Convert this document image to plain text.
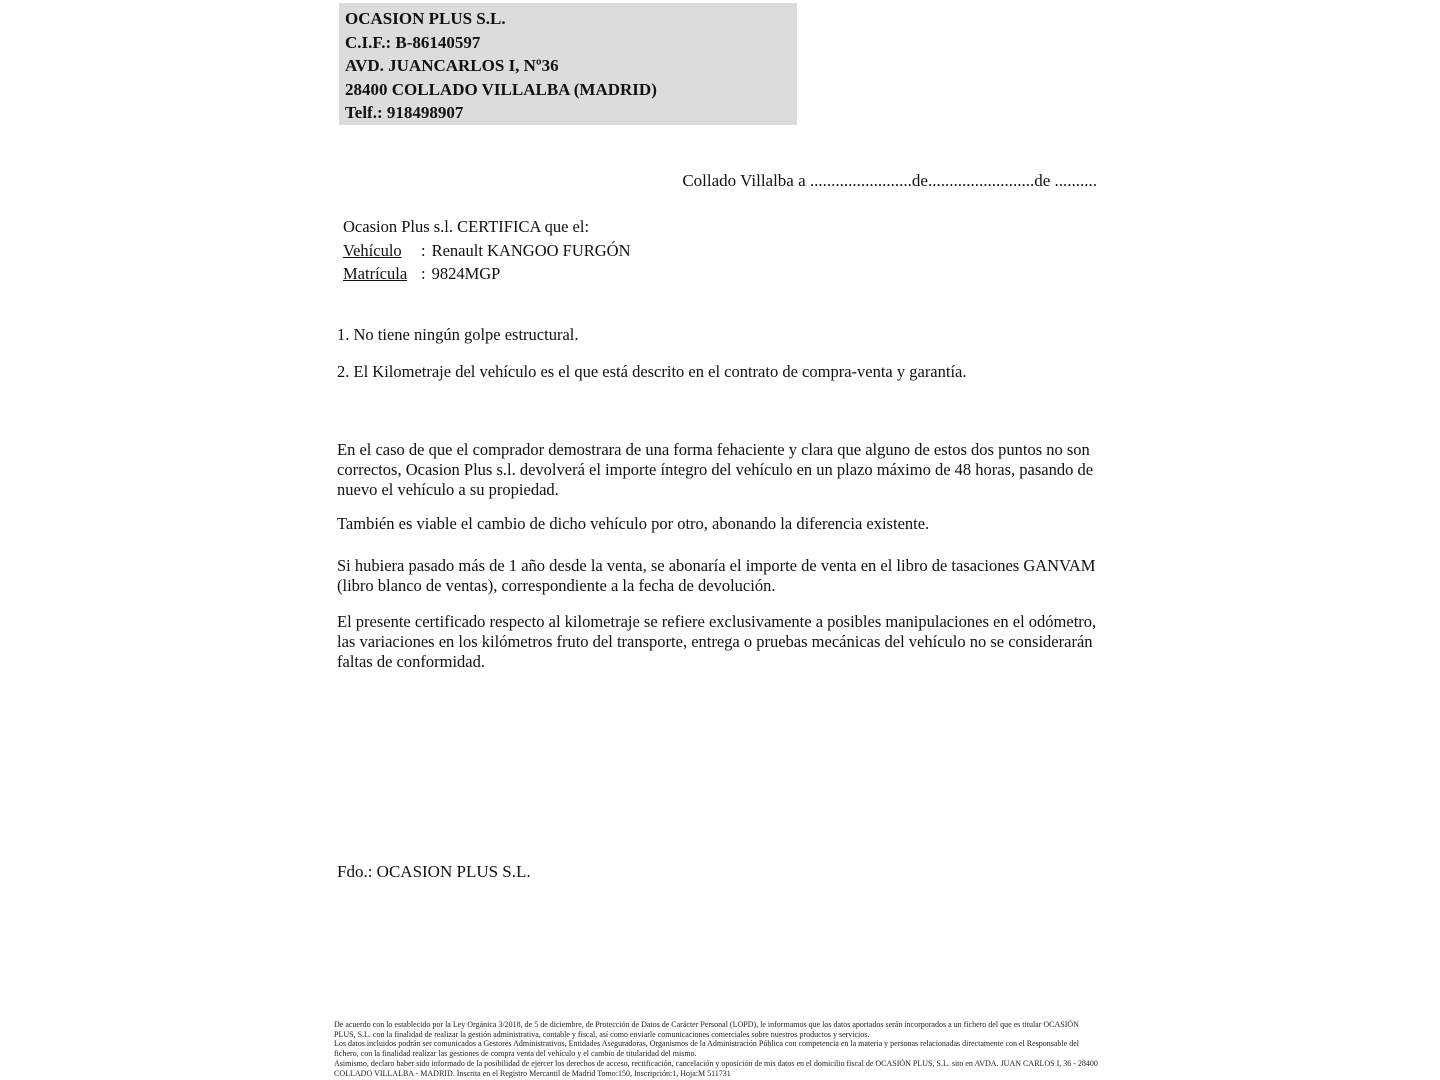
OCASION PLUS S.L.
C.I.F.: B-86140597
AVD. JUANCARLOS I, Nº36
28400 COLLADO VILLALBA (MADRID)
Telf.: 918498907
Collado Villalba a ........................de.........................de ..........
Ocasion Plus s.l. CERTIFICA que el:
Vehículo : Renault KANGOO FURGÓN
Matrícula : 9824MGP
1. No tiene ningún golpe estructural.
2. El Kilometraje del vehículo es el que está descrito en el contrato de compra-venta y garantía.
En el caso de que el comprador demostrara de una forma fehaciente y clara que alguno de estos dos puntos no son correctos, Ocasion Plus s.l. devolverá el importe íntegro del vehículo en un plazo máximo de 48 horas, pasando de nuevo el vehículo a su propiedad.
También es viable el cambio de dicho vehículo por otro, abonando la diferencia existente.
Si hubiera pasado más de 1 año desde la venta, se abonaría el importe de venta en el libro de tasaciones GANVAM (libro blanco de ventas), correspondiente a la fecha de devolución.
El presente certificado respecto al kilometraje se refiere exclusivamente a posibles manipulaciones en el odómetro, las variaciones en los kilómetros fruto del transporte, entrega o pruebas mecánicas del vehículo no se considerarán faltas de conformidad.
Fdo.: OCASION PLUS S.L.

De acuerdo con lo establecido por la Ley Orgánica 3/2018, de 5 de diciembre, de Protección de Datos de Carácter Personal (LOPD), le informamos que los datos aportados serán incorporados a un fichero del que es titular OCASIÓN PLUS, S.L. con la finalidad de realizar la gestión administrativa, contable y fiscal, así como enviarle comunicaciones comerciales sobre nuestros productos y servicios.

Los datos incluidos podrán ser comunicados a Gestores Administrativos, Entidades Aseguradoras, Organismos de la Administración Pública con competencia en la materia y personas relacionadas directamente con el Responsable del fichero, con la finalidad realizar las gestiones de compra venta del vehículo y el cambio de titularidad del mismo.

Asimismo, declaro haber sido informado de la posibilidad de ejercer los derechos de acceso, rectificación, cancelación y oposición de mis datos en el domicilio fiscal de OCASIÓN PLUS, S.L. sito en AVDA. JUAN CARLOS I, 36 - 28400 COLLADO VILLALBA - MADRID. Inscrita en el Registro Mercantil de Madrid Tomo:150, Inscripción:1, Hoja:M 511731
